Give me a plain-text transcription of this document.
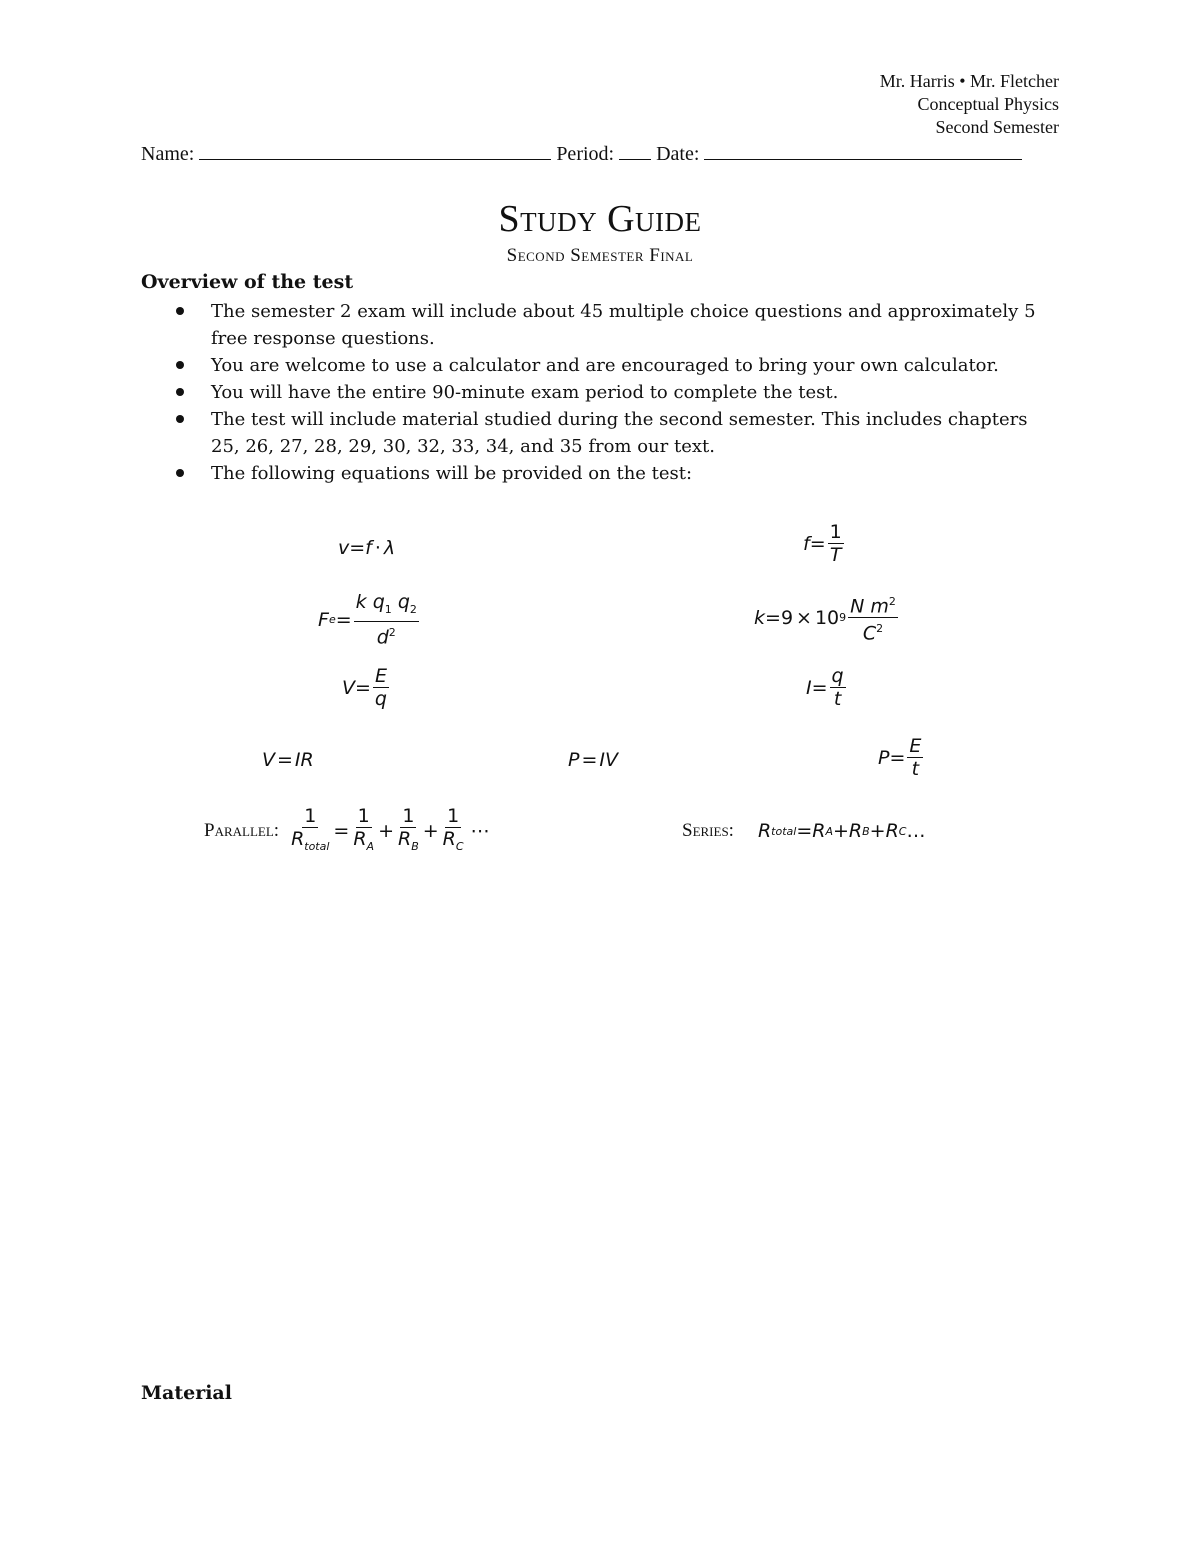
Mr. Harris • Mr. Fletcher
Conceptual Physics
Second Semester
Name:	Period: Date:
Study Guide
Second Semester Final
Overview of the test
The semester 2 exam will include about 45 multiple choice questions and approximately 5 free response questions.
You are welcome to use a calculator and are encouraged to bring your own calculator.
You will have the entire 90-minute exam period to complete the test.
The test will include material studied during the second semester. This includes chapters 25, 26, 27, 28, 29, 30, 32, 33, 34, and 35 from our text.
The following equations will be provided on the test:
v = f · λ	$f = \frac{1}{T}$
F $e = \frac{k q_1 q_2}{d^2}$	k = 9 × 10 $9 \frac{N m^2}{C^2}$
$V = \frac{E}{q}$	$I = \frac{q}{t}$
V = IR	P = IV	$P = \frac{E}{t}$
Parallel: $\frac{1}{R_{total}} = \frac{1}{R_A} + \frac{1}{R_B} + \frac{1}{R_C}$ ⋯	Series: R total = R A + R B + R C …
Material
